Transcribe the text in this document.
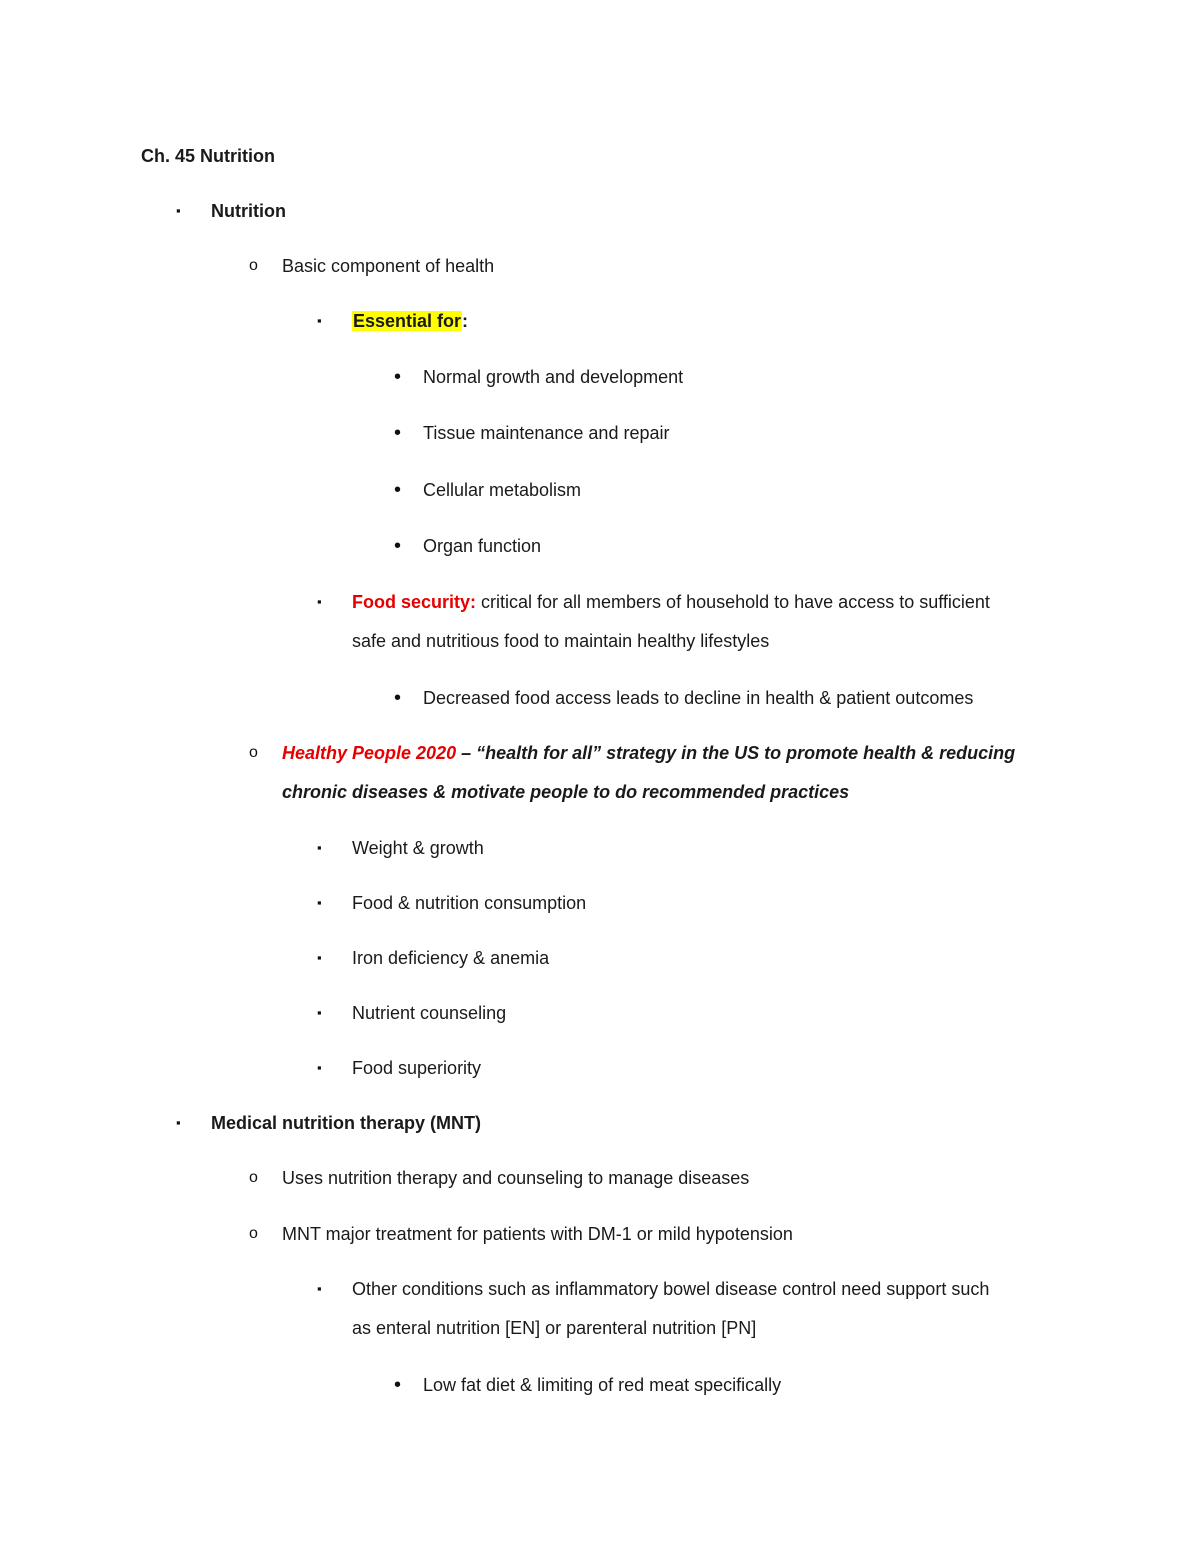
Ch. 45 Nutrition
▪ Nutrition
o Basic component of health
▪ Essential for:
• Normal growth and development
• Tissue maintenance and repair
• Cellular metabolism
• Organ function
▪ Food security: critical for all members of household to have access to sufficient
safe and nutritious food to maintain healthy lifestyles
• Decreased food access leads to decline in health & patient outcomes
o Healthy People 2020 – “health for all” strategy in the US to promote health & reducing
chronic diseases & motivate people to do recommended practices
▪ Weight & growth
▪ Food & nutrition consumption
▪ Iron deficiency & anemia
▪ Nutrient counseling
▪ Food superiority
▪ Medical nutrition therapy (MNT)
o Uses nutrition therapy and counseling to manage diseases
o MNT major treatment for patients with DM-1 or mild hypotension
▪ Other conditions such as inflammatory bowel disease control need support such
as enteral nutrition [EN] or parenteral nutrition [PN]
• Low fat diet & limiting of red meat specifically
